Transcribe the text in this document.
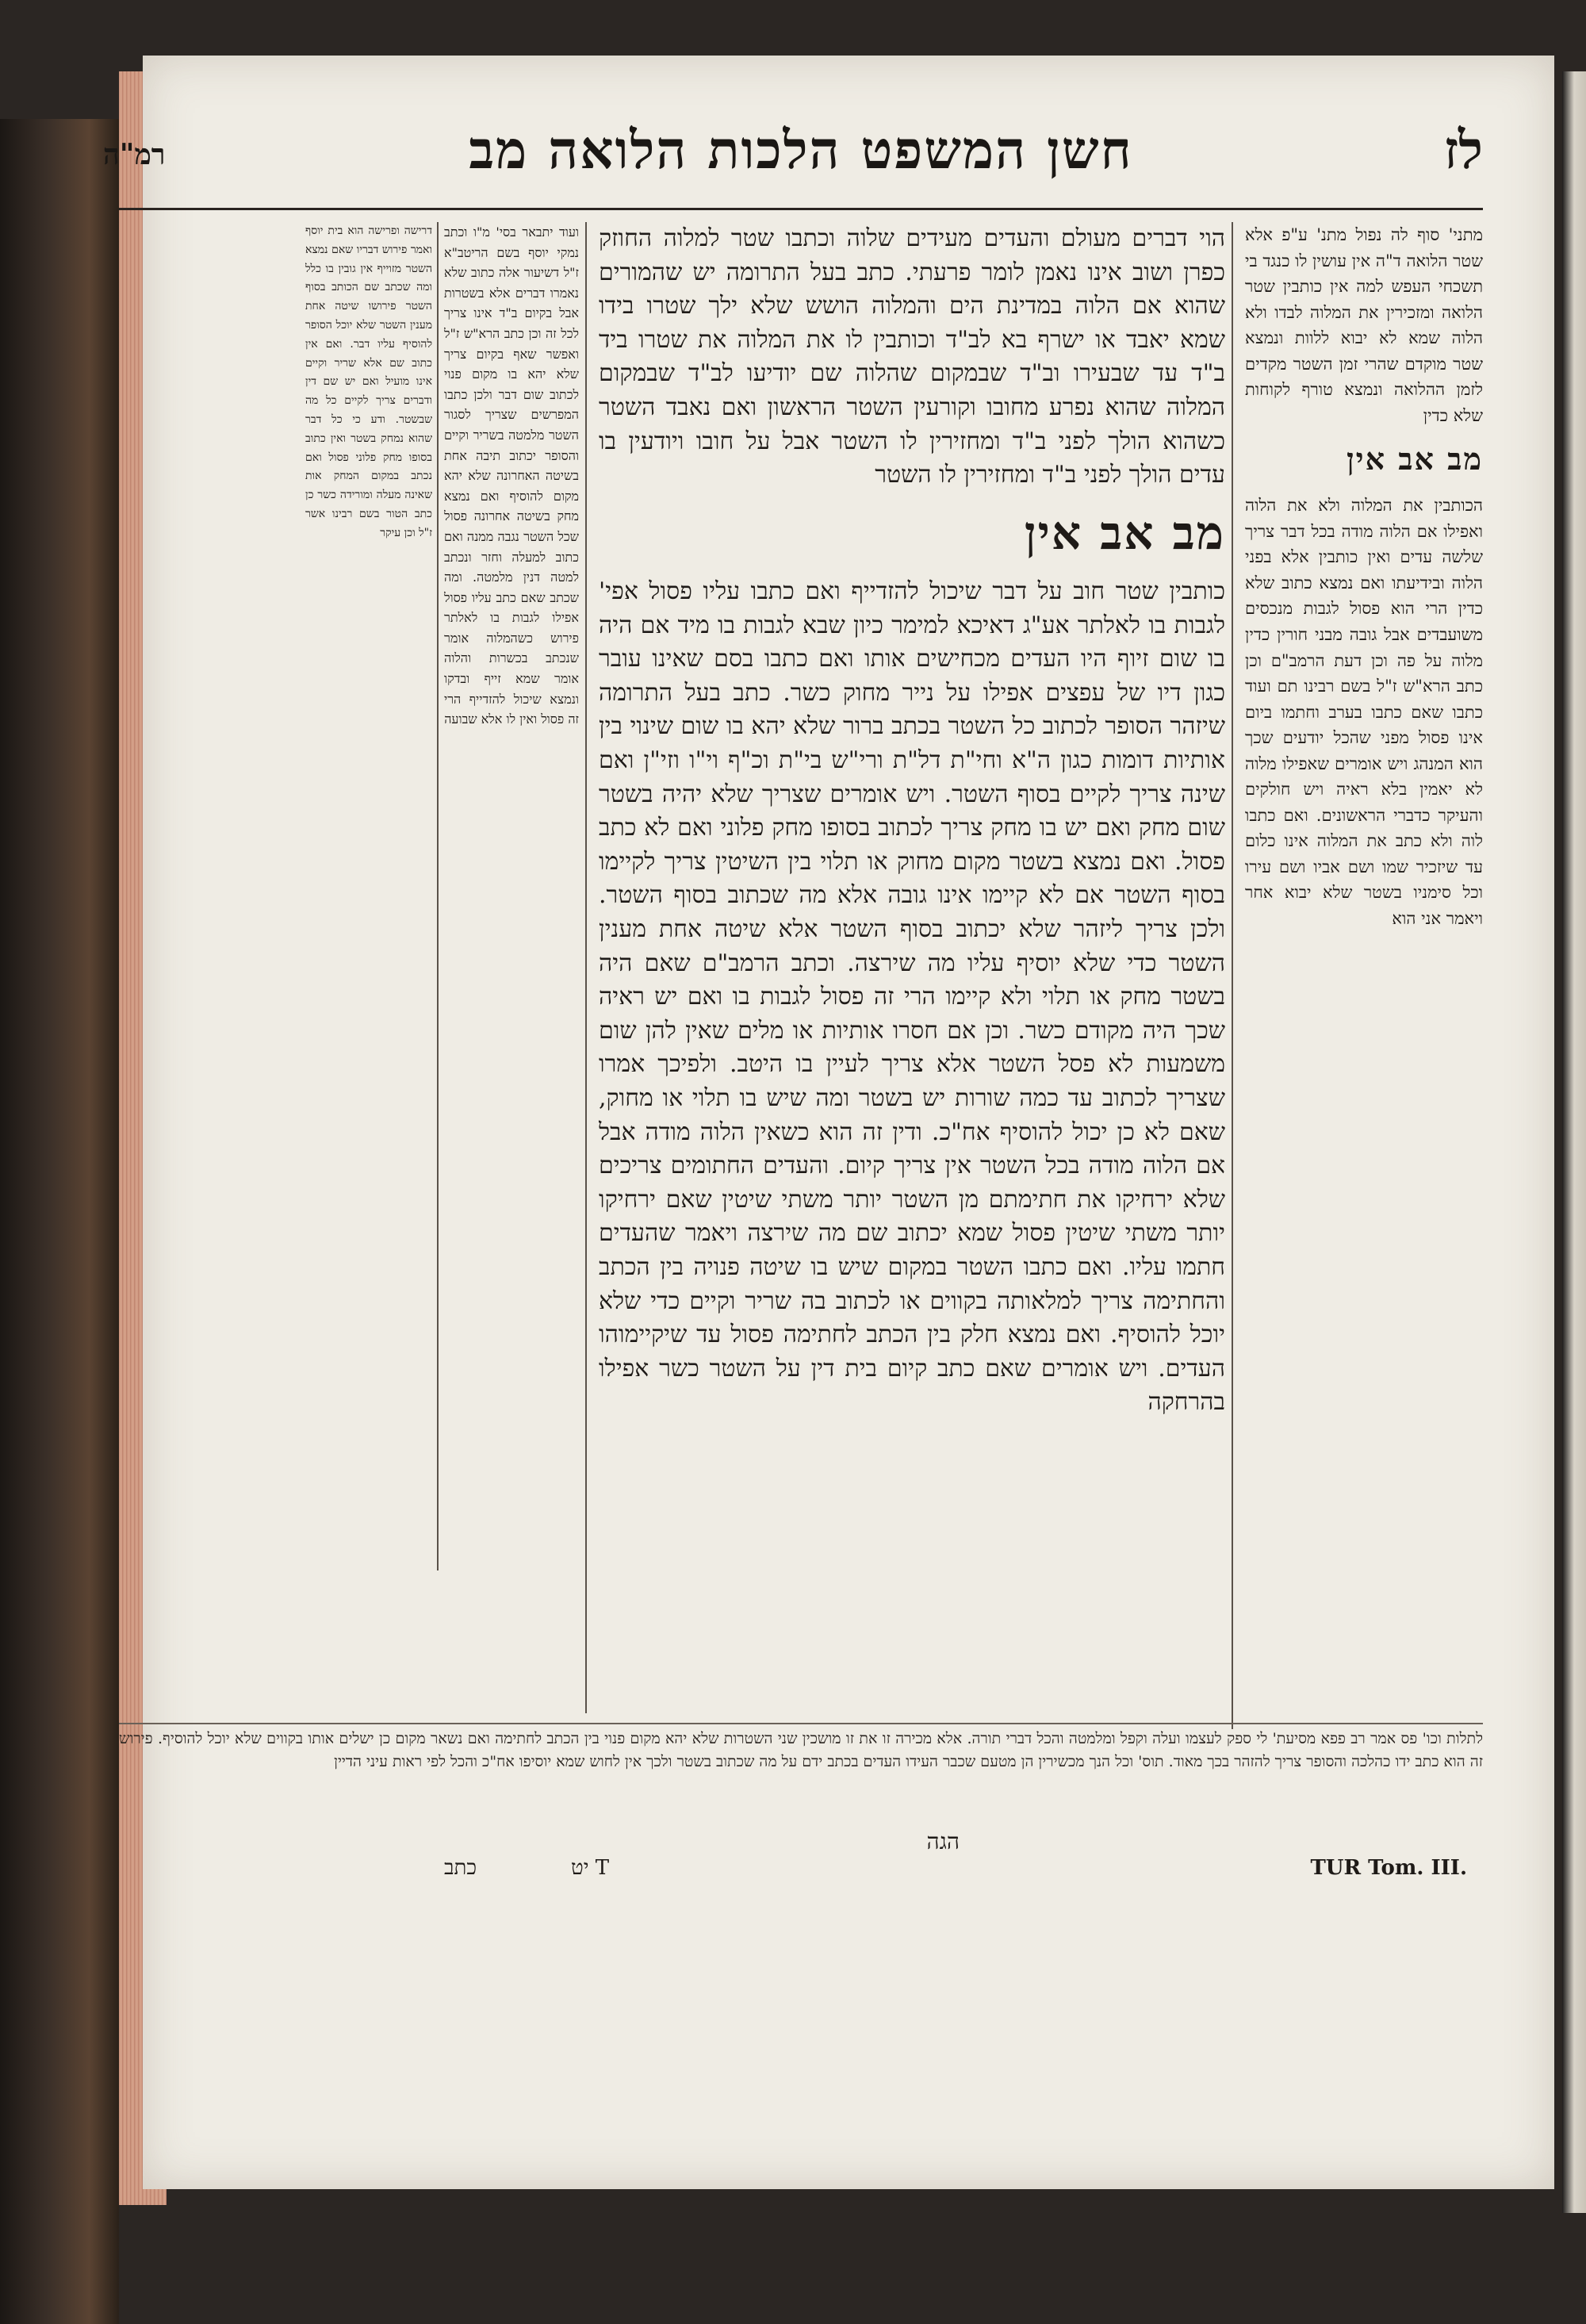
לז
חשן המשפט הלכות הלואה מב
רמ"ה

מתני' סוף לה נפול מתנ' ע"פ אלא שטר הלואה ד"ה אין עושין לו כנגד בי תשכחי העפש למה אין כותבין שטר הלואה ומזכירין את המלוה לבדו ולא הלוה שמא לא יבוא ללוות ונמצא שטר מוקדם שהרי זמן השטר מקדים לזמן ההלואה ונמצא טורף לקוחות שלא כדין

מב אב אין

הכותבין את המלוה ולא את הלוה ואפילו אם הלוה מודה בכל דבר צריך שלשה עדים ואין כותבין אלא בפני הלוה ובידיעתו ואם נמצא כתוב שלא כדין הרי הוא פסול לגבות מנכסים משועבדים אבל גובה מבני חורין כדין מלוה על פה וכן דעת הרמב"ם וכן כתב הרא"ש ז"ל בשם רבינו תם ועוד כתבו שאם כתבו בערב וחתמו ביום אינו פסול מפני שהכל יודעים שכך הוא המנהג ויש אומרים שאפילו מלוה לא יאמין בלא ראיה ויש חולקים והעיקר כדברי הראשונים. ואם כתבו לוה ולא כתב את המלוה אינו כלום עד שיזכיר שמו ושם אביו ושם עירו וכל סימניו בשטר שלא יבוא אחר ויאמר אני הוא

הוי דברים מעולם והעדים מעידים שלוה וכתבו שטר למלוה החוזק כפרן ושוב אינו נאמן לומר פרעתי. כתב בעל התרומה יש שהמורים שהוא אם הלוה במדינת הים והמלוה הושש שלא ילך שטרו בידו שמא יאבד או ישרף בא לב"ד וכותבין לו את המלוה את שטרו ביד ב"ד עד שבעירו וב"ד שבמקום שהלוה שם יודיעו לב"ד שבמקום המלוה שהוא נפרע מחובו וקורעין השטר הראשון ואם נאבד השטר כשהוא הולך לפני ב"ד ומחזירין לו השטר אבל על חובו ויודעין בו עדים הולך לפני ב"ד ומחזירין לו השטר

מב אב אין

כותבין שטר חוב על דבר שיכול להזדייף ואם כתבו עליו פסול אפי' לגבות בו לאלתר אע"ג דאיכא למימר כיון שבא לגבות בו מיד אם היה בו שום זיוף היו העדים מכחישים אותו ואם כתבו בסם שאינו עובר כגון דיו של עפצים אפילו על נייר מחוק כשר. כתב בעל התרומה שיזהר הסופר לכתוב כל השטר בכתב ברור שלא יהא בו שום שינוי בין אותיות דומות כגון ה"א וחי"ת דל"ת ורי"ש בי"ת וכ"ף וי"ו וזי"ן ואם שינה צריך לקיים בסוף השטר. ויש אומרים שצריך שלא יהיה בשטר שום מחק ואם יש בו מחק צריך לכתוב בסופו מחק פלוני ואם לא כתב פסול. ואם נמצא בשטר מקום מחוק או תלוי בין השיטין צריך לקיימו בסוף השטר אם לא קיימו אינו גובה אלא מה שכתוב בסוף השטר. ולכן צריך ליזהר שלא יכתוב בסוף השטר אלא שיטה אחת מענין השטר כדי שלא יוסיף עליו מה שירצה. וכתב הרמב"ם שאם היה בשטר מחק או תלוי ולא קיימו הרי זה פסול לגבות בו ואם יש ראיה שכך היה מקודם כשר. וכן אם חסרו אותיות או מלים שאין להן שום משמעות לא פסל השטר אלא צריך לעיין בו היטב. ולפיכך אמרו שצריך לכתוב עד כמה שורות יש בשטר ומה שיש בו תלוי או מחוק, שאם לא כן יכול להוסיף אח"כ. ודין זה הוא כשאין הלוה מודה אבל אם הלוה מודה בכל השטר אין צריך קיום. והעדים החתומים צריכים שלא ירחיקו את חתימתם מן השטר יותר משתי שיטין שאם ירחיקו יותר משתי שיטין פסול שמא יכתוב שם מה שירצה ויאמר שהעדים חתמו עליו. ואם כתבו השטר במקום שיש בו שיטה פנויה בין הכתב והחתימה צריך למלאותה בקווים או לכתוב בה שריר וקיים כדי שלא יוכל להוסיף. ואם נמצא חלק בין הכתב לחתימה פסול עד שיקיימוהו העדים. ויש אומרים שאם כתב קיום בית דין על השטר כשר אפילו בהרחקה

ועוד יתבאר בסי' מ"ו וכתב נמקי יוסף בשם הריטב"א ז"ל דשיעור אלה כתוב שלא נאמרו דברים אלא בשטרות אבל בקיום ב"ד אינו צריך לכל זה וכן כתב הרא"ש ז"ל ואפשר שאף בקיום צריך שלא יהא בו מקום פנוי לכתוב שום דבר ולכן כתבו המפרשים שצריך לסגור השטר מלמטה בשריר וקיים והסופר יכתוב תיבה אחת בשיטה האחרונה שלא יהא מקום להוסיף ואם נמצא מחק בשיטה אחרונה פסול שכל השטר נגבה ממנה ואם כתוב למעלה וחזר ונכתב למטה דנין מלמטה. ומה שכתב שאם כתב עליו פסול אפילו לגבות בו לאלתר פירוש כשהמלוה אומר שנכתב בכשרות והלוה אומר שמא זייף ובדקו ונמצא שיכול להזדייף הרי זה פסול ואין לו אלא שבועה

דרישה ופרישה הוא בית יוסף ואמר פירוש דבריו שאם נמצא השטר מזוייף אין גובין בו כלל ומה שכתב שם הכותב בסוף השטר פירושו שיטה אחת מענין השטר שלא יוכל הסופר להוסיף עליו דבר. ואם אין כתוב שם אלא שריר וקיים אינו מועיל ואם יש שם דין ודברים צריך לקיים כל מה שבשטר. ודע כי כל דבר שהוא נמחק בשטר ואין כתוב בסופו מחק פלוני פסול ואם נכתב במקום המחק אות שאינה מעלה ומורידה כשר כן כתב הטור בשם רבינו אשר ז"ל וכן עיקר

הגה

לתלות וכו' פס אמר רב פפא מסיעת' לי ספק לעצמו ועלה וקפל ומלמטה והכל דברי תורה. אלא מכירה זו את זו מושכין שני השטרות שלא יהא מקום פנוי בין הכתב לחתימה ואם נשאר מקום כן ישלים אותו בקווים שלא יוכל להוסיף. פירוש זה הוא כתב ידו כהלכה והסופר צריך להזהר בכך מאוד. תוס' וכל הנך מכשירין הן מטעם שכבר העידו העדים בכתב ידם על מה שכתוב בשטר ולכך אין לחוש שמא יוסיפו אח"כ והכל לפי ראות עיני הדיין

כתב	יט T	TUR Tom. III.
